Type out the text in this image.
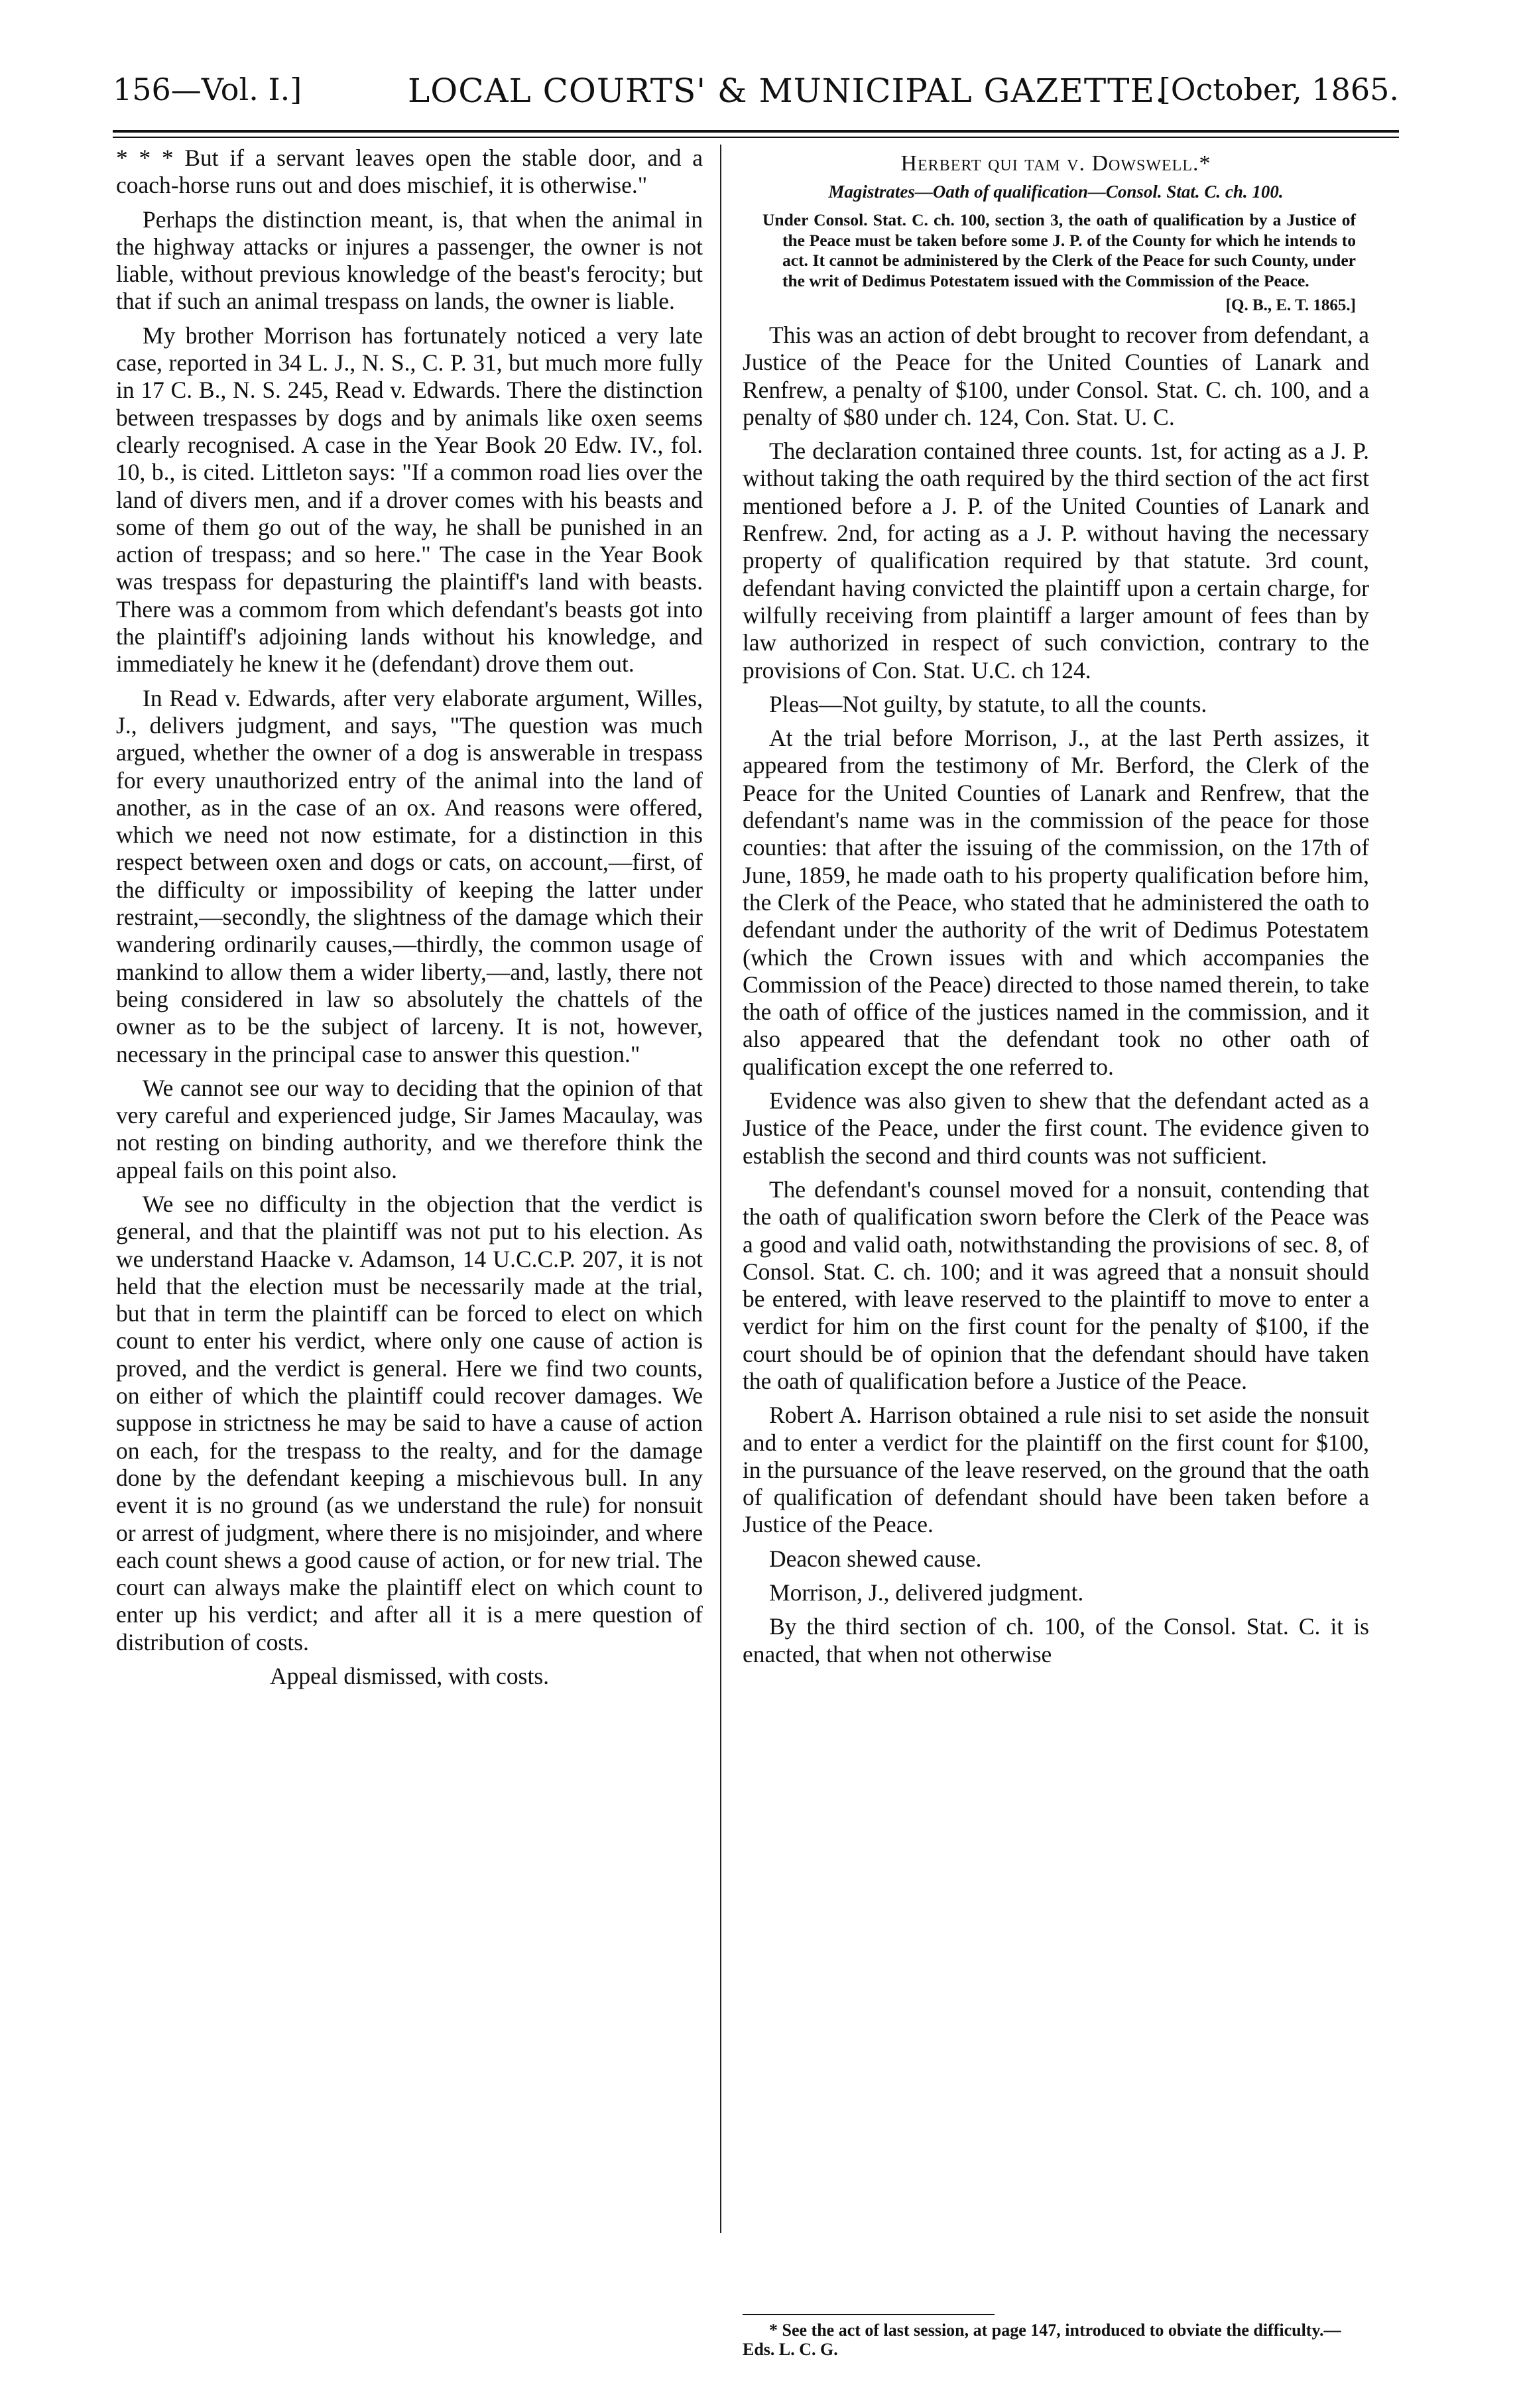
156—Vol. I.]	LOCAL COURTS' & MUNICIPAL GAZETTE.
[October, 1865.

* * * But if a servant leaves open the stable door, and a coach-horse runs out and does mischief, it is otherwise."

Perhaps the distinction meant, is, that when the animal in the highway attacks or injures a passenger, the owner is not liable, without previous knowledge of the beast's ferocity; but that if such an animal trespass on lands, the owner is liable.

My brother Morrison has fortunately noticed a very late case, reported in 34 L. J., N. S., C. P. 31, but much more fully in 17 C. B., N. S. 245, Read v. Edwards. There the distinction between trespasses by dogs and by animals like oxen seems clearly recognised. A case in the Year Book 20 Edw. IV., fol. 10, b., is cited. Littleton says: "If a common road lies over the land of divers men, and if a drover comes with his beasts and some of them go out of the way, he shall be punished in an action of trespass; and so here." The case in the Year Book was trespass for depasturing the plaintiff's land with beasts. There was a commom from which defendant's beasts got into the plaintiff's adjoining lands without his knowledge, and immediately he knew it he (defendant) drove them out.

In Read v. Edwards, after very elaborate argument, Willes, J., delivers judgment, and says, "The question was much argued, whether the owner of a dog is answerable in trespass for every unauthorized entry of the animal into the land of another, as in the case of an ox. And reasons were offered, which we need not now estimate, for a distinction in this respect between oxen and dogs or cats, on account,—first, of the difficulty or impossibility of keeping the latter under restraint,—secondly, the slightness of the damage which their wandering ordinarily causes,—thirdly, the common usage of mankind to allow them a wider liberty,—and, lastly, there not being considered in law so absolutely the chattels of the owner as to be the subject of larceny. It is not, however, necessary in the principal case to answer this question."

We cannot see our way to deciding that the opinion of that very careful and experienced judge, Sir James Macaulay, was not resting on binding authority, and we therefore think the appeal fails on this point also.

We see no difficulty in the objection that the verdict is general, and that the plaintiff was not put to his election. As we understand Haacke v. Adamson, 14 U.C.C.P. 207, it is not held that the election must be necessarily made at the trial, but that in term the plaintiff can be forced to elect on which count to enter his verdict, where only one cause of action is proved, and the verdict is general. Here we find two counts, on either of which the plaintiff could recover damages. We suppose in strictness he may be said to have a cause of action on each, for the trespass to the realty, and for the damage done by the defendant keeping a mischievous bull. In any event it is no ground (as we understand the rule) for nonsuit or arrest of judgment, where there is no misjoinder, and where each count shews a good cause of action, or for new trial. The court can always make the plaintiff elect on which count to enter up his verdict; and after all it is a mere question of distribution of costs.

Appeal dismissed, with costs.

Herbert qui tam v. Dowswell.*
Magistrates—Oath of qualification—Consol. Stat. C. ch. 100.
Under Consol. Stat. C. ch. 100, section 3, the oath of qualification by a Justice of the Peace must be taken before some J. P. of the County for which he intends to act. It cannot be administered by the Clerk of the Peace for such County, under the writ of Dedimus Potestatem issued with the Commission of the Peace.
[Q. B., E. T. 1865.]

This was an action of debt brought to recover from defendant, a Justice of the Peace for the United Counties of Lanark and Renfrew, a penalty of $100, under Consol. Stat. C. ch. 100, and a penalty of $80 under ch. 124, Con. Stat. U. C.

The declaration contained three counts. 1st, for acting as a J. P. without taking the oath required by the third section of the act first mentioned before a J. P. of the United Counties of Lanark and Renfrew. 2nd, for acting as a J. P. without having the necessary property of qualification required by that statute. 3rd count, defendant having convicted the plaintiff upon a certain charge, for wilfully receiving from plaintiff a larger amount of fees than by law authorized in respect of such conviction, contrary to the provisions of Con. Stat. U.C. ch 124.

Pleas—Not guilty, by statute, to all the counts.

At the trial before Morrison, J., at the last Perth assizes, it appeared from the testimony of Mr. Berford, the Clerk of the Peace for the United Counties of Lanark and Renfrew, that the defendant's name was in the commission of the peace for those counties: that after the issuing of the commission, on the 17th of June, 1859, he made oath to his property qualification before him, the Clerk of the Peace, who stated that he administered the oath to defendant under the authority of the writ of Dedimus Potestatem (which the Crown issues with and which accompanies the Commission of the Peace) directed to those named therein, to take the oath of office of the justices named in the commission, and it also appeared that the defendant took no other oath of qualification except the one referred to.

Evidence was also given to shew that the defendant acted as a Justice of the Peace, under the first count. The evidence given to establish the second and third counts was not sufficient.

The defendant's counsel moved for a nonsuit, contending that the oath of qualification sworn before the Clerk of the Peace was a good and valid oath, notwithstanding the provisions of sec. 8, of Consol. Stat. C. ch. 100; and it was agreed that a nonsuit should be entered, with leave reserved to the plaintiff to move to enter a verdict for him on the first count for the penalty of $100, if the court should be of opinion that the defendant should have taken the oath of qualification before a Justice of the Peace.

Robert A. Harrison obtained a rule nisi to set aside the nonsuit and to enter a verdict for the plaintiff on the first count for $100, in the pursuance of the leave reserved, on the ground that the oath of qualification of defendant should have been taken before a Justice of the Peace.

Deacon shewed cause.

Morrison, J., delivered judgment.

By the third section of ch. 100, of the Consol. Stat. C. it is enacted, that when not otherwise

* See the act of last session, at page 147, introduced to obviate the difficulty.—Eds. L. C. G.
